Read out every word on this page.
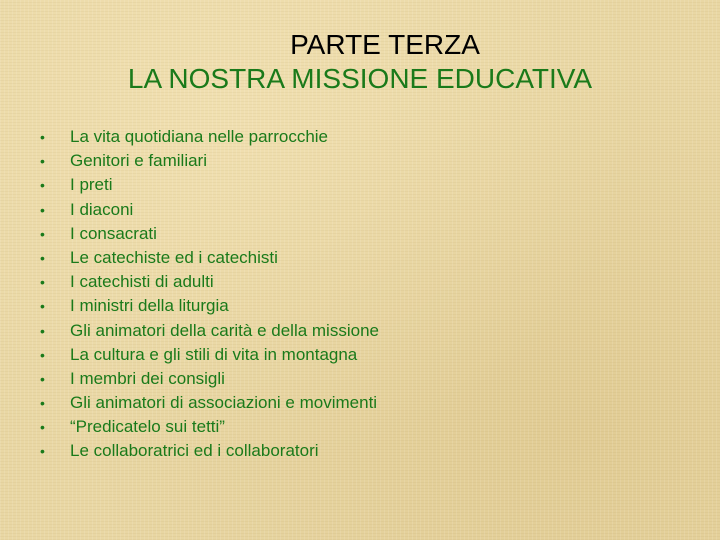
PARTE TERZA
LA NOSTRA MISSIONE EDUCATIVA
•	La vita quotidiana nelle parrocchie
•	Genitori e familiari
•	I preti
•	I diaconi
•	I consacrati
•	Le catechiste ed i catechisti
•	I catechisti di adulti
•	I ministri della liturgia
•	Gli animatori della carità e della missione
•	La cultura e gli stili di vita in montagna
•	I membri dei consigli
•	Gli animatori di associazioni e movimenti
•	“Predicatelo sui tetti”
•	Le collaboratrici ed i collaboratori
